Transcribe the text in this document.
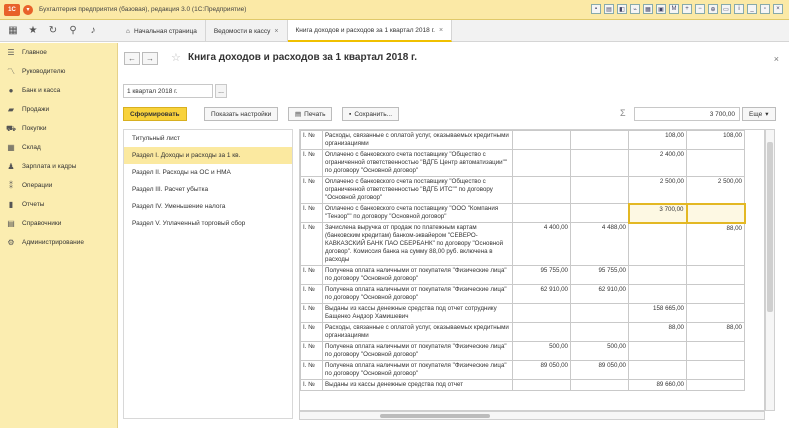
1C	▾	Бухгалтерия предприятия (базовая), редакция 3.0 (1С:Предприятие)	▪	▤	◧	⌁	▦	▣	M	+	−	⊕	▭	i	_	▫	×
▦ ★ ↻	⚲	♪	⌂ Начальная страница	Ведомости в кассу ×	Книга доходов и расходов за 1 квартал 2018 г. ×
☰ Главное
〽 Руководителю
●	Банк и касса
▰ Продажи
⛟ Покупки
▦ Склад
♟ Зарплата и кадры
⁑	Операции
▮	Отчеты
▤ Справочники
⚙ Администрирование
← → ☆ Книга доходов и расходов за 1 квартал 2018 г.	×
1 квартал 2018 г.	...
Сформировать	Показать настройки	▤ Печать	▪ Сохранить...	Σ	3 700,00	Еще ▾
Титульный лист
Раздел I. Доходы и расходы за 1 кв.
Раздел II. Расходы на ОС и НМА
Раздел III. Расчет убытка
Раздел IV. Уменьшение налога
Раздел V. Уплаченный торговый сбор
I. №	Расходы, связанные с оплатой услуг, оказываемых кредитными организациями			108,00	108,00
I. №	Оплачено с банковского счета поставщику "Общество с ограниченной ответственностью "ВДГБ Центр автоматизации"" по договору "Основной договор"			2 400,00	
I. №	Оплачено с банковского счета поставщику "Общество с ограниченной ответственностью "ВДГБ ИТС"" по договору "Основной договор"			2 500,00	2 500,00
I. №	Оплачено с банковского счета поставщику "ООО "Компания "Тензор"" по договору "Основной договор"			3 700,00	
I. №	Зачислена выручка от продаж по платежным картам (банковским кредитам) банком-эквайером "СЕВЕРО-КАВКАЗСКИЙ БАНК ПАО СБЕРБАНК" по договору "Основной договор". Комиссия банка на сумму 88,00 руб. включена в расходы	4 400,00	4 488,00		88,00
I. №	Получена оплата наличными от покупателя "Физические лица" по договору "Основной договор"	95 755,00	95 755,00		
I. №	Получена оплата наличными от покупателя "Физические лица" по договору "Основной договор"	62 910,00	62 910,00		
I. №	Выданы из кассы денежные средства под отчет сотруднику Бащенко Андзор Хамишевич			158 665,00	
I. №	Расходы, связанные с оплатой услуг, оказываемых кредитными организациями			88,00	88,00
I. №	Получена оплата наличными от покупателя "Физические лица" по договору "Основной договор"	500,00	500,00		
I. №	Получена оплата наличными от покупателя "Физические лица" по договору "Основной договор"	89 050,00	89 050,00		
I. №	Выданы из кассы денежные средства под отчет			89 660,00	
